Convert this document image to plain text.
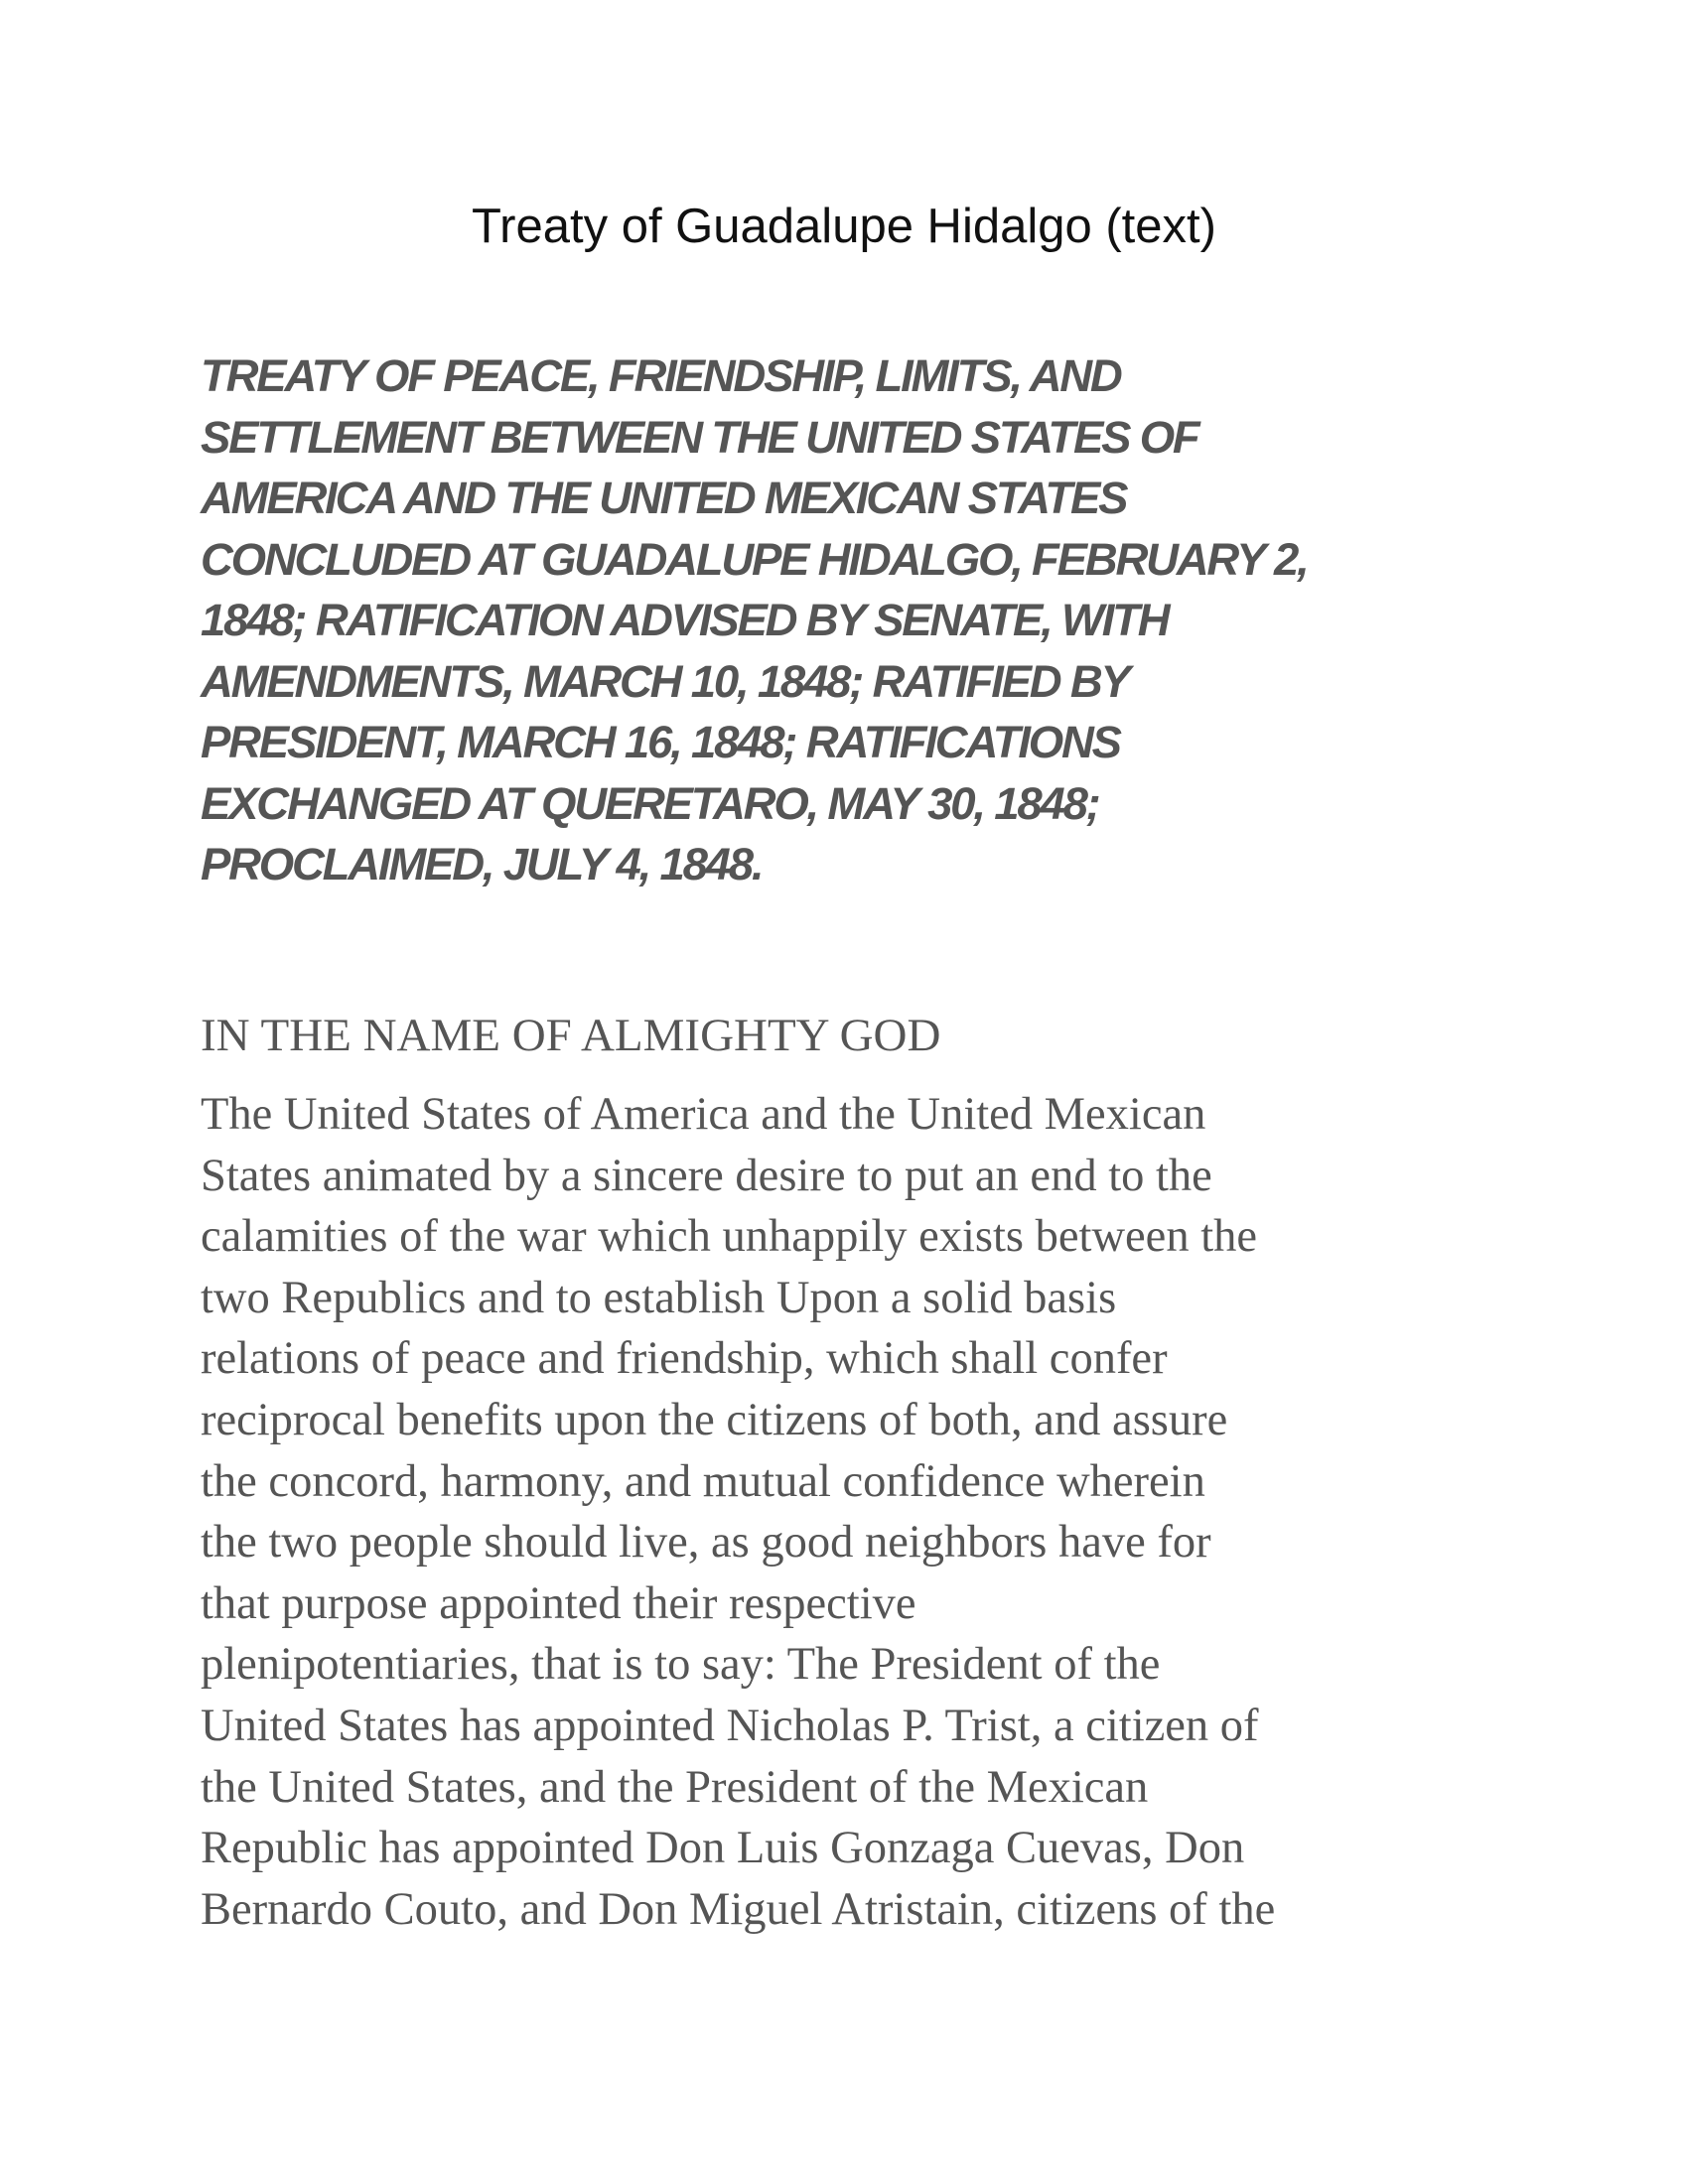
Treaty of Guadalupe Hidalgo (text)
TREATY OF PEACE, FRIENDSHIP, LIMITS, AND
SETTLEMENT BETWEEN THE UNITED STATES OF
AMERICA AND THE UNITED MEXICAN STATES
CONCLUDED AT GUADALUPE HIDALGO, FEBRUARY 2,
1848; RATIFICATION ADVISED BY SENATE, WITH
AMENDMENTS, MARCH 10, 1848; RATIFIED BY
PRESIDENT, MARCH 16, 1848; RATIFICATIONS
EXCHANGED AT QUERETARO, MAY 30, 1848;
PROCLAIMED, JULY 4, 1848.

IN THE NAME OF ALMIGHTY GOD

The United States of America and the United Mexican
States animated by a sincere desire to put an end to the
calamities of the war which unhappily exists between the
two Republics and to establish Upon a solid basis
relations of peace and friendship, which shall confer
reciprocal benefits upon the citizens of both, and assure
the concord, harmony, and mutual confidence wherein
the two people should live, as good neighbors have for
that purpose appointed their respective
plenipotentiaries, that is to say: The President of the
United States has appointed Nicholas P. Trist, a citizen of
the United States, and the President of the Mexican
Republic has appointed Don Luis Gonzaga Cuevas, Don
Bernardo Couto, and Don Miguel Atristain, citizens of the
